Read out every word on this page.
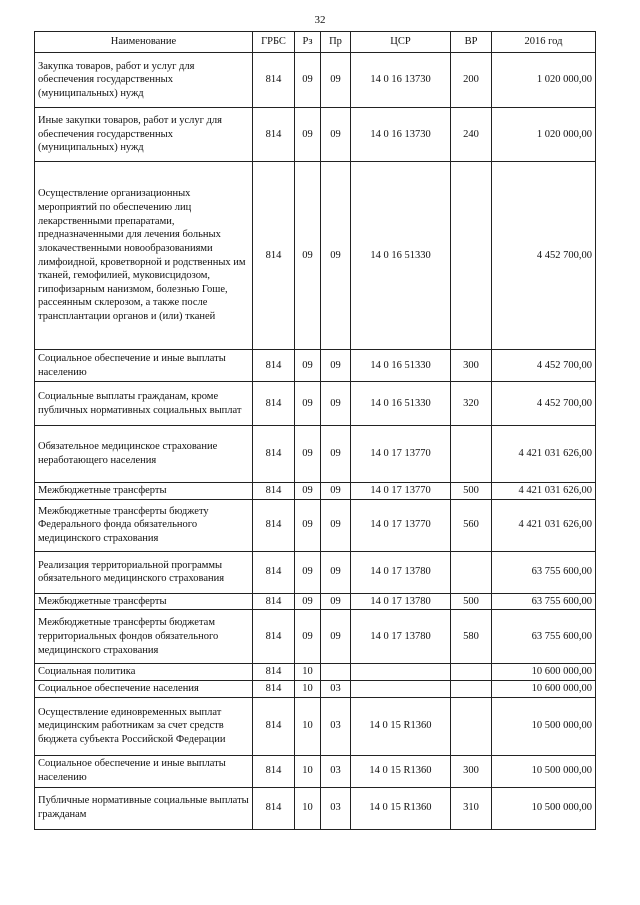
32
Наименование	ГРБС	Рз	Пр	ЦСР	ВР	2016 год
Закупка товаров, работ и услуг для обеспечения государственных (муниципальных) нужд	814	09	09	14 0 16 13730	200	1 020 000,00
Иные закупки товаров, работ и услуг для обеспечения государственных (муниципальных) нужд	814	09	09	14 0 16 13730	240	1 020 000,00
Осуществление организационных мероприятий по обеспечению лиц лекарственными препаратами, предназначенными для лечения больных злокачественными новообразованиями лимфоидной, кроветворной и родственных им тканей, гемофилией, муковисцидозом, гипофизарным нанизмом, болезнью Гоше, рассеянным склерозом, а также после трансплантации органов и (или) тканей	814	09	09	14 0 16 51330		4 452 700,00
Социальное обеспечение и иные выплаты населению	814	09	09	14 0 16 51330	300	4 452 700,00
Социальные выплаты гражданам, кроме публичных нормативных социальных выплат	814	09	09	14 0 16 51330	320	4 452 700,00
Обязательное медицинское страхование неработающего населения	814	09	09	14 0 17 13770		4 421 031 626,00
Межбюджетные трансферты	814	09	09	14 0 17 13770	500	4 421 031 626,00
Межбюджетные трансферты бюджету Федерального фонда обязательного медицинского страхования	814	09	09	14 0 17 13770	560	4 421 031 626,00
Реализация территориальной программы обязательного медицинского страхования	814	09	09	14 0 17 13780		63 755 600,00
Межбюджетные трансферты	814	09	09	14 0 17 13780	500	63 755 600,00
Межбюджетные трансферты бюджетам территориальных фондов обязательного медицинского страхования	814	09	09	14 0 17 13780	580	63 755 600,00
Социальная политика	814	10				10 600 000,00
Социальное обеспечение населения	814	10	03			10 600 000,00
Осуществление единовременных выплат медицинским работникам за счет средств бюджета субъекта Российской Федерации	814	10	03	14 0 15 R1360		10 500 000,00
Социальное обеспечение и иные выплаты населению	814	10	03	14 0 15 R1360	300	10 500 000,00
Публичные нормативные социальные выплаты гражданам	814	10	03	14 0 15 R1360	310	10 500 000,00
